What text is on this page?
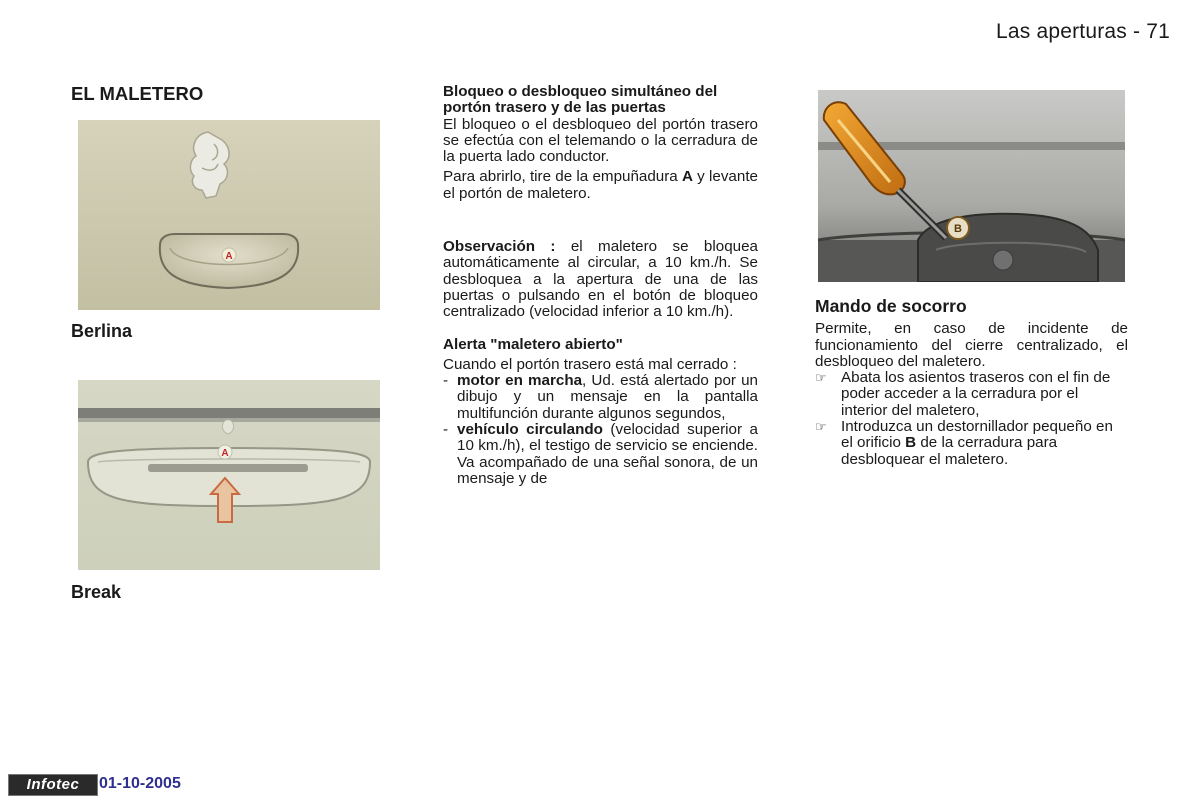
Las aperturas - 71
EL MALETERO
A
Berlina
A
Break

Bloqueo o desbloqueo simultáneo del portón trasero y de las puertas

El bloqueo o el desbloqueo del portón trasero se efectúa con el telemando o la cerradura de la puerta lado conductor.

Para abrirlo, tire de la empuñadura A y levante el portón de maletero.

Observación : el maletero se bloquea automáticamente al circular, a 10 km./h. Se desbloquea a la apertura de una de las puertas o pulsando en el botón de bloqueo centralizado (velocidad inferior a 10 km./h).

Alerta "maletero abierto"

Cuando el portón trasero está mal cerrado :

- motor en marcha, Ud. está alertado por un dibujo y un mensaje en la pantalla multifunción durante algunos segundos,
- vehículo circulando (velocidad superior a 10 km./h), el testigo de servicio se enciende. Va acompañado de una señal sonora, de un mensaje y de
B

Mando de socorro

Permite, en caso de incidente de funcionamiento del cierre centralizado, el desbloqueo del maletero.

☞ Abata los asientos traseros con el fin de poder acceder a la cerradura por el interior del maletero,
☞ Introduzca un destornillador pequeño en el orificio B de la cerradura para desbloquear el maletero.
Infotec	01-10-2005
